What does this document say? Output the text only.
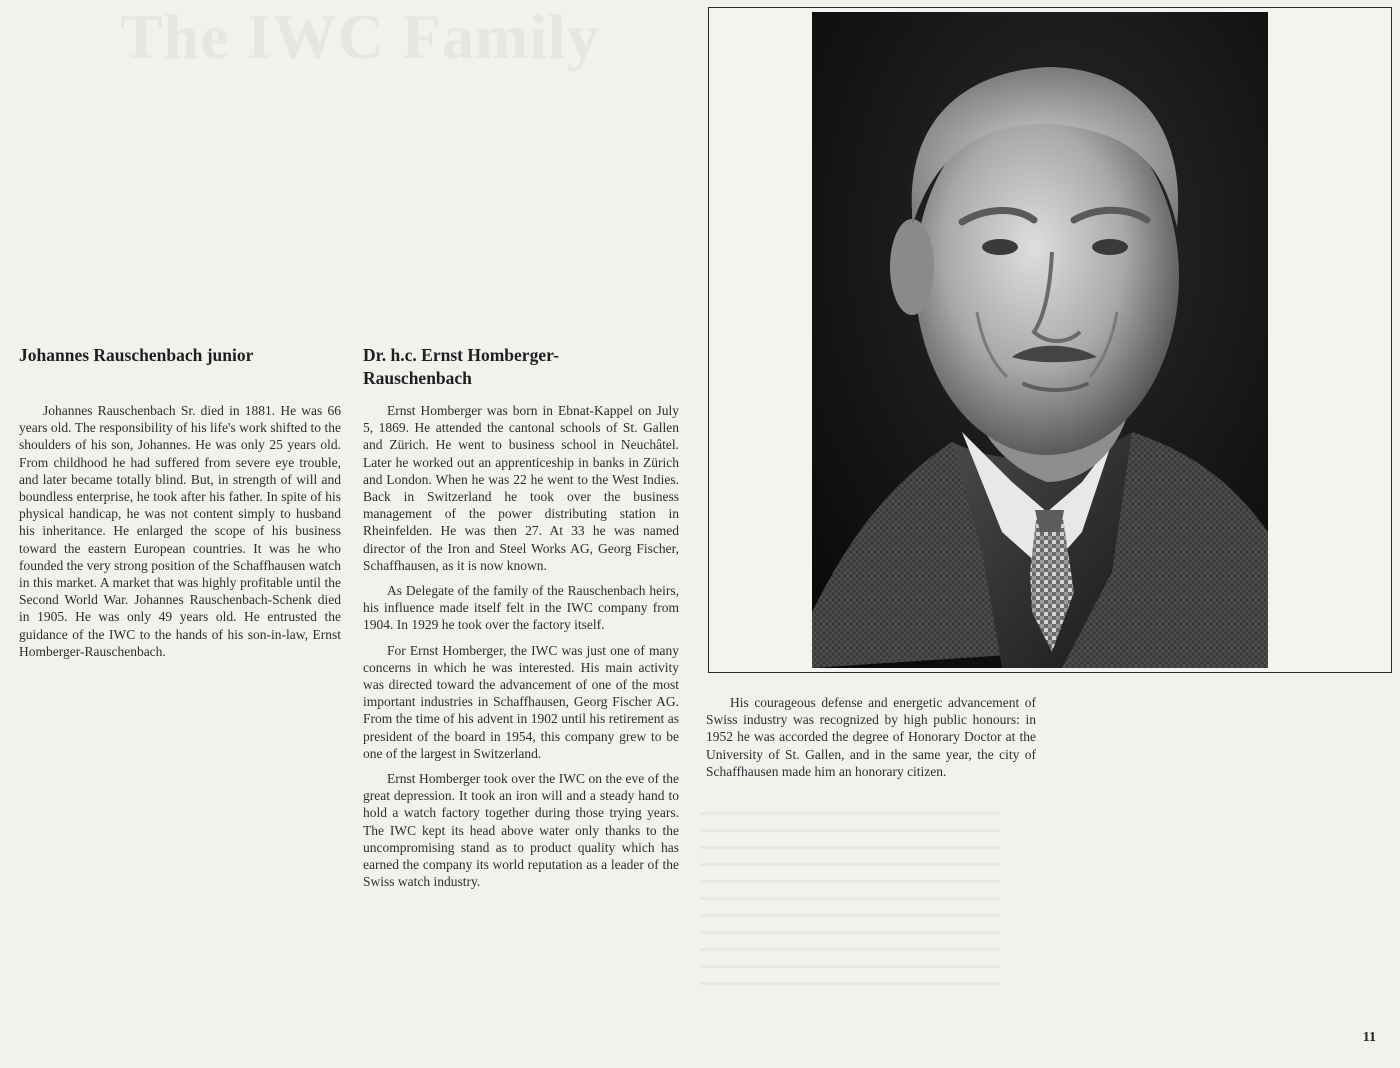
The IWC Family
Johannes Rauschenbach junior	Dr. h.c. Ernst Homberger-
Rauschenbach

Johannes Rauschenbach Sr. died in 1881. He was 66 years old. The responsibility of his life's work shifted to the shoulders of his son, Johannes. He was only 25 years old. From childhood he had suffered from severe eye trouble, and later became totally blind. But, in strength of will and boundless enterprise, he took after his father. In spite of his physical handicap, he was not content simply to husband his inheritance. He enlarged the scope of his business toward the eastern European countries. It was he who founded the very strong position of the Schaffhausen watch in this market. A market that was highly profitable until the Second World War. Johannes Rauschenbach-Schenk died in 1905. He was only 49 years old. He entrusted the guidance of the IWC to the hands of his son-in-law, Ernst Homberger-Rauschenbach.

Ernst Homberger was born in Ebnat-Kappel on July 5, 1869. He attended the cantonal schools of St. Gallen and Zürich. He went to business school in Neuchâtel. Later he worked out an apprenticeship in banks in Zürich and London. When he was 22 he went to the West Indies. Back in Switzerland he took over the business management of the power distributing station in Rheinfelden. He was then 27. At 33 he was named director of the Iron and Steel Works AG, Georg Fischer, Schaffhausen, as it is now known.

As Delegate of the family of the Rauschenbach heirs, his influence made itself felt in the IWC company from 1904. In 1929 he took over the factory itself.

For Ernst Homberger, the IWC was just one of many concerns in which he was interested. His main activity was directed toward the advancement of one of the most important industries in Schaffhausen, Georg Fischer AG. From the time of his advent in 1902 until his retirement as president of the board in 1954, this company grew to be one of the largest in Switzerland.

Ernst Homberger took over the IWC on the eve of the great depression. It took an iron will and a steady hand to hold a watch factory together during those trying years. The IWC kept its head above water only thanks to the uncompromising stand as to product quality which has earned the company its world reputation as a leader of the Swiss watch industry.

His courageous defense and energetic advancement of Swiss industry was recognized by high public honours: in 1952 he was accorded the degree of Honorary Doctor at the University of St. Gallen, and in the same year, the city of Schaffhausen made him an honorary citizen.

11
